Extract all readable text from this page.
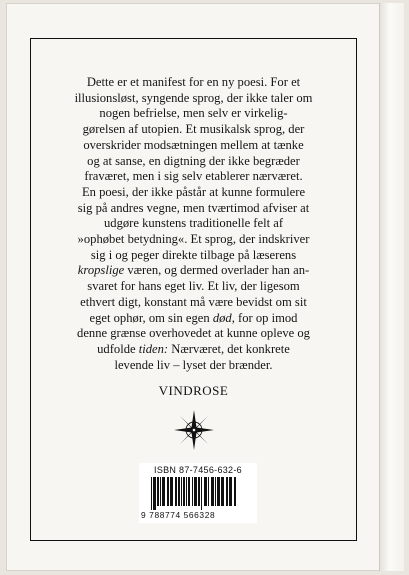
Dette er et manifest for en ny poesi. For et
illusionsløst, syngende sprog, der ikke taler om
nogen befrielse, men selv er virkelig-
gørelsen af utopien. Et musikalsk sprog, der
overskrider modsætningen mellem at tænke
og at sanse, en digtning der ikke begræder
fraværet, men i sig selv etablerer nærværet.
En poesi, der ikke påstår at kunne formulere
sig på andres vegne, men tværtimod afviser at
udgøre kunstens traditionelle felt af
»ophøbet betydning«. Et sprog, der indskriver
sig i og peger direkte tilbage på læserens
kropslige væren, og dermed overlader han an-
svaret for hans eget liv. Et liv, der ligesom
ethvert digt, konstant må være bevidst om sit
eget ophør, om sin egen død, for op imod
denne grænse overhovedet at kunne opleve og
udfolde tiden: Nærværet, det konkrete
levende liv – lyset der brænder.

VINDROSE

ISBN 87-7456-632-6
9 788774 566328
